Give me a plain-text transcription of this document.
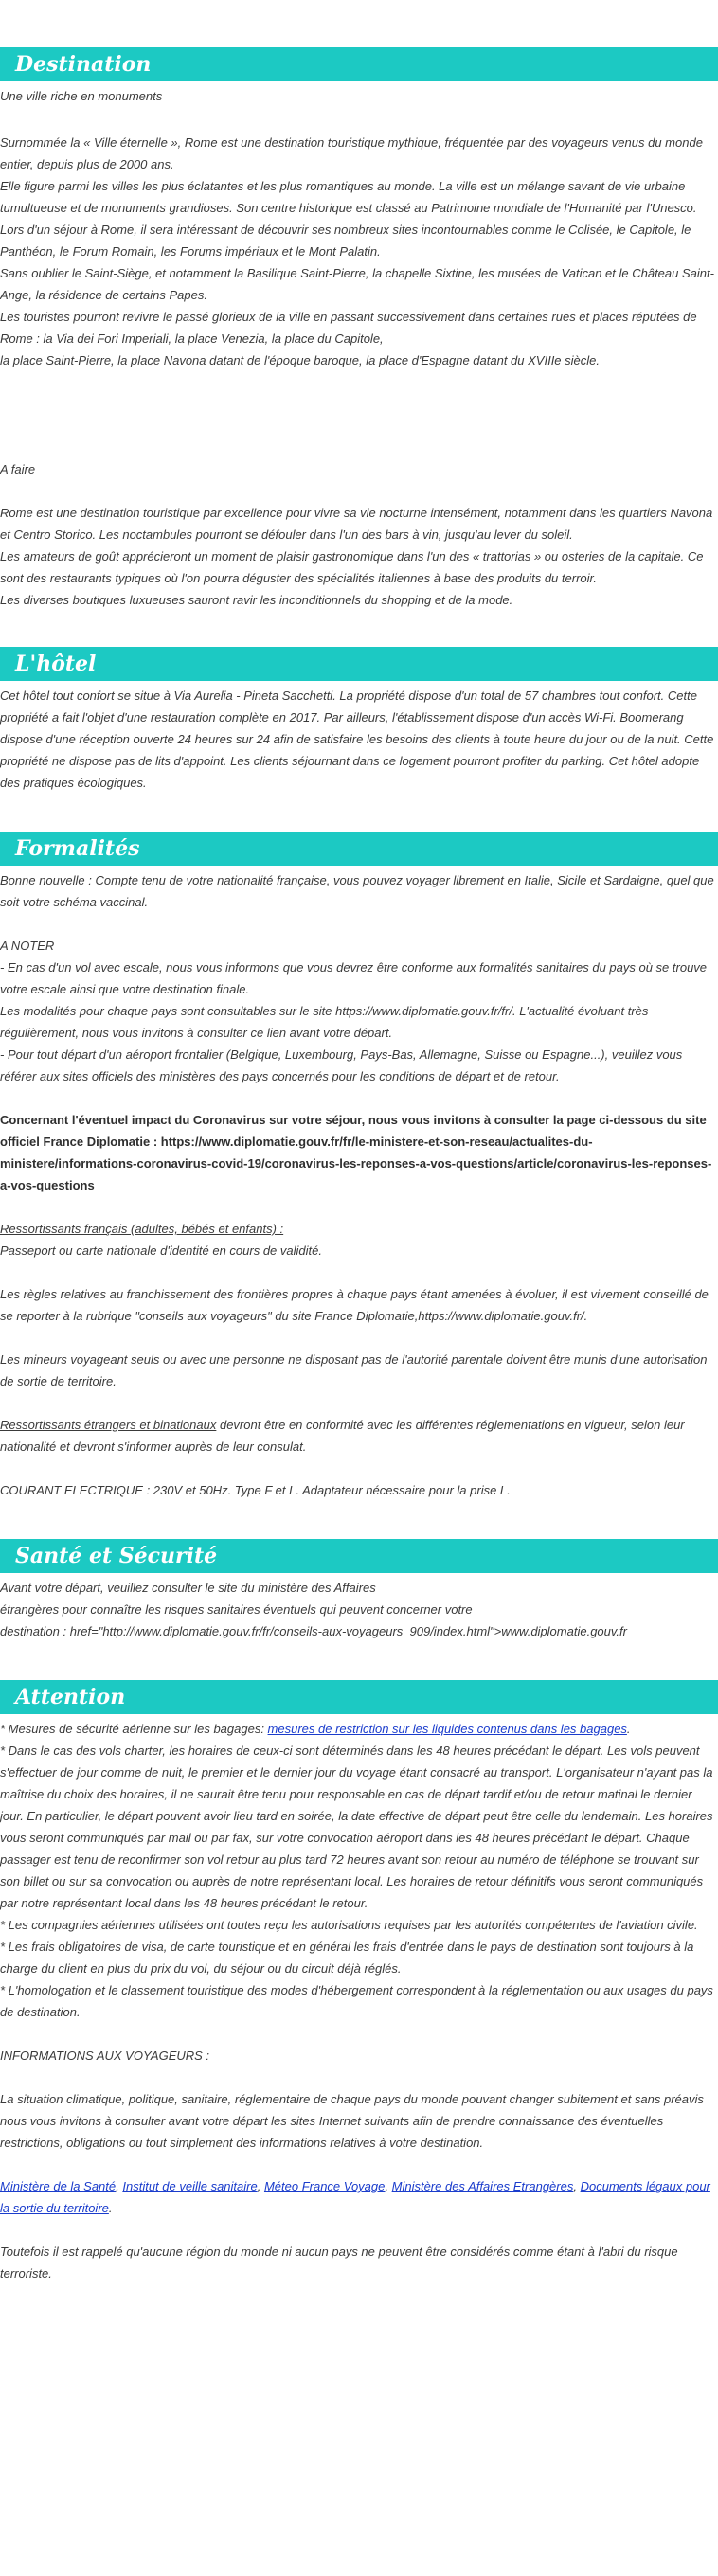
Destination

Une ville riche en monuments

Surnommée la « Ville éternelle », Rome est une destination touristique mythique, fréquentée par des voyageurs venus du monde entier, depuis plus de 2000 ans.

Elle figure parmi les villes les plus éclatantes et les plus romantiques au monde. La ville est un mélange savant de vie urbaine tumultueuse et de monuments grandioses. Son centre historique est classé au Patrimoine mondiale de l'Humanité par l'Unesco.

Lors d'un séjour à Rome, il sera intéressant de découvrir ses nombreux sites incontournables comme le Colisée, le Capitole, le Panthéon, le Forum Romain, les Forums impériaux et le Mont Palatin.

Sans oublier le Saint-Siège, et notamment la Basilique Saint-Pierre, la chapelle Sixtine, les musées de Vatican et le Château Saint-Ange, la résidence de certains Papes.

Les touristes pourront revivre le passé glorieux de la ville en passant successivement dans certaines rues et places réputées de Rome : la Via dei Fori Imperiali, la place Venezia, la place du Capitole,

la place Saint-Pierre, la place Navona datant de l'époque baroque, la place d'Espagne datant du XVIIIe siècle.

A faire

Rome est une destination touristique par excellence pour vivre sa vie nocturne intensément, notamment dans les quartiers Navona et Centro Storico. Les noctambules pourront se défouler dans l'un des bars à vin, jusqu'au lever du soleil.

Les amateurs de goût apprécieront un moment de plaisir gastronomique dans l'un des « trattorias » ou osteries de la capitale. Ce sont des restaurants typiques où l'on pourra déguster des spécialités italiennes à base des produits du terroir.

Les diverses boutiques luxueuses sauront ravir les inconditionnels du shopping et de la mode.

L'hôtel

Cet hôtel tout confort se situe à Via Aurelia - Pineta Sacchetti. La propriété dispose d'un total de 57 chambres tout confort. Cette propriété a fait l'objet d'une restauration complète en 2017. Par ailleurs, l'établissement dispose d'un accès Wi-Fi. Boomerang dispose d'une réception ouverte 24 heures sur 24 afin de satisfaire les besoins des clients à toute heure du jour ou de la nuit. Cette propriété ne dispose pas de lits d'appoint. Les clients séjournant dans ce logement pourront profiter du parking. Cet hôtel adopte des pratiques écologiques.

Formalités

Bonne nouvelle : Compte tenu de votre nationalité française, vous pouvez voyager librement en Italie, Sicile et Sardaigne, quel que soit votre schéma vaccinal.

A NOTER

- En cas d'un vol avec escale, nous vous informons que vous devrez être conforme aux formalités sanitaires du pays où se trouve votre escale ainsi que votre destination finale.

Les modalités pour chaque pays sont consultables sur le site https://www.diplomatie.gouv.fr/fr/. L'actualité évoluant très régulièrement, nous vous invitons à consulter ce lien avant votre départ.

- Pour tout départ d'un aéroport frontalier (Belgique, Luxembourg, Pays-Bas, Allemagne, Suisse ou Espagne...), veuillez vous référer aux sites officiels des ministères des pays concernés pour les conditions de départ et de retour.

Concernant l'éventuel impact du Coronavirus sur votre séjour, nous vous invitons à consulter la page ci-dessous du site officiel France Diplomatie : https://www.diplomatie.gouv.fr/fr/le-ministere-et-son-reseau/actualites-du-ministere/informations-coronavirus-covid-19/coronavirus-les-reponses-a-vos-questions/article/coronavirus-les-reponses-a-vos-questions

Ressortissants français (adultes, bébés et enfants) :

Passeport ou carte nationale d'identité en cours de validité.

Les règles relatives au franchissement des frontières propres à chaque pays étant amenées à évoluer, il est vivement conseillé de se reporter à la rubrique "conseils aux voyageurs" du site France Diplomatie,https://www.diplomatie.gouv.fr/.

Les mineurs voyageant seuls ou avec une personne ne disposant pas de l'autorité parentale doivent être munis d'une autorisation de sortie de territoire.

Ressortissants étrangers et binationaux devront être en conformité avec les différentes réglementations en vigueur, selon leur nationalité et devront s'informer auprès de leur consulat.

COURANT ELECTRIQUE : 230V et 50Hz. Type F et L. Adaptateur nécessaire pour la prise L.

Santé et Sécurité

Avant votre départ, veuillez consulter le site du ministère des Affaires

étrangères pour connaître les risques sanitaires éventuels qui peuvent concerner votre

destination : href="http://www.diplomatie.gouv.fr/fr/conseils-aux-voyageurs_909/index.html">www.diplomatie.gouv.fr

Attention

* Mesures de sécurité aérienne sur les bagages: mesures de restriction sur les liquides contenus dans les bagages.

* Dans le cas des vols charter, les horaires de ceux-ci sont déterminés dans les 48 heures précédant le départ. Les vols peuvent s'effectuer de jour comme de nuit, le premier et le dernier jour du voyage étant consacré au transport. L'organisateur n'ayant pas la maîtrise du choix des horaires, il ne saurait être tenu pour responsable en cas de départ tardif et/ou de retour matinal le dernier jour. En particulier, le départ pouvant avoir lieu tard en soirée, la date effective de départ peut être celle du lendemain. Les horaires vous seront communiqués par mail ou par fax, sur votre convocation aéroport dans les 48 heures précédant le départ. Chaque passager est tenu de reconfirmer son vol retour au plus tard 72 heures avant son retour au numéro de téléphone se trouvant sur son billet ou sur sa convocation ou auprès de notre représentant local. Les horaires de retour définitifs vous seront communiqués par notre représentant local dans les 48 heures précédant le retour.

* Les compagnies aériennes utilisées ont toutes reçu les autorisations requises par les autorités compétentes de l'aviation civile.

* Les frais obligatoires de visa, de carte touristique et en général les frais d'entrée dans le pays de destination sont toujours à la charge du client en plus du prix du vol, du séjour ou du circuit déjà réglés.

* L'homologation et le classement touristique des modes d'hébergement correspondent à la réglementation ou aux usages du pays de destination.

INFORMATIONS AUX VOYAGEURS :

La situation climatique, politique, sanitaire, réglementaire de chaque pays du monde pouvant changer subitement et sans préavis nous vous invitons à consulter avant votre départ les sites Internet suivants afin de prendre connaissance des éventuelles restrictions, obligations ou tout simplement des informations relatives à votre destination.

Ministère de la Santé, Institut de veille sanitaire, Méteo France Voyage, Ministère des Affaires Etrangères, Documents légaux pour la sortie du territoire.

Toutefois il est rappelé qu'aucune région du monde ni aucun pays ne peuvent être considérés comme étant à l'abri du risque terroriste.
